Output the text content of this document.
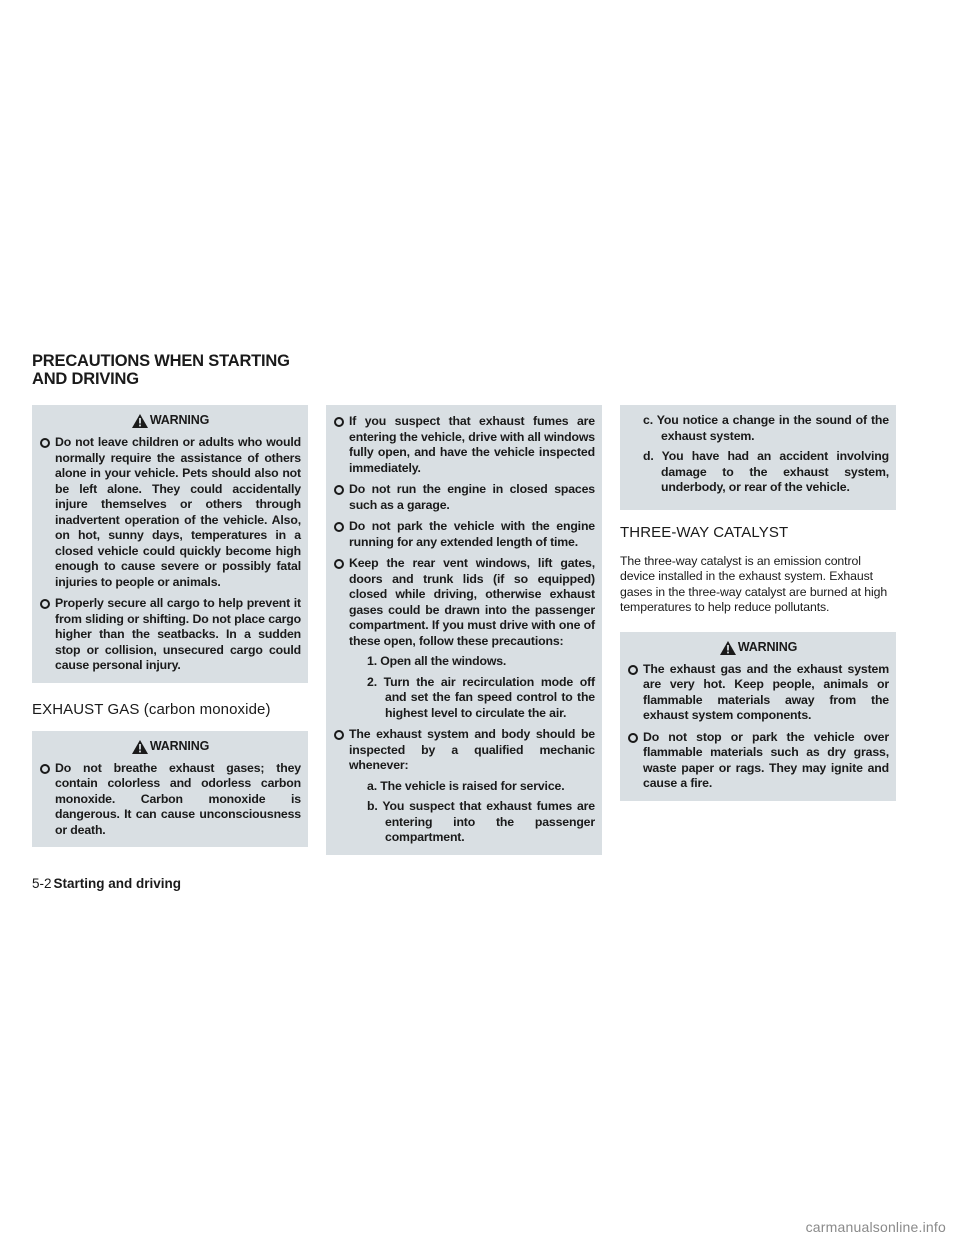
PRECAUTIONS WHEN STARTING
AND DRIVING
WARNING
Do not leave children or adults who would normally require the assistance of others alone in your vehicle. Pets should also not be left alone. They could accidentally injure themselves or others through inadvertent operation of the vehicle. Also, on hot, sunny days, temperatures in a closed vehicle could quickly become high enough to cause severe or possibly fatal injuries to people or animals.
Properly secure all cargo to help prevent it from sliding or shifting. Do not place cargo higher than the seatbacks. In a sudden stop or collision, unsecured cargo could cause personal injury.
EXHAUST GAS (carbon monoxide)
WARNING
Do not breathe exhaust gases; they contain colorless and odorless carbon monoxide. Carbon monoxide is dangerous. It can cause unconsciousness or death.
If you suspect that exhaust fumes are entering the vehicle, drive with all windows fully open, and have the vehicle inspected immediately.
Do not run the engine in closed spaces such as a garage.
Do not park the vehicle with the engine running for any extended length of time.
Keep the rear vent windows, lift gates, doors and trunk lids (if so equipped) closed while driving, otherwise exhaust gases could be drawn into the passenger compartment. If you must drive with one of these open, follow these precautions:
1. Open all the windows.
2. Turn the air recirculation mode off and set the fan speed control to the highest level to circulate the air.
The exhaust system and body should be inspected by a qualified mechanic whenever:
a. The vehicle is raised for service.
b. You suspect that exhaust fumes are entering into the passenger compartment.
c. You notice a change in the sound of the exhaust system.
d. You have had an accident involving damage to the exhaust system, underbody, or rear of the vehicle.
THREE-WAY CATALYST

The three-way catalyst is an emission control device installed in the exhaust system. Exhaust gases in the three-way catalyst are burned at high temperatures to help reduce pollutants.

WARNING
The exhaust gas and the exhaust system are very hot. Keep people, animals or flammable materials away from the exhaust system components.
Do not stop or park the vehicle over flammable materials such as dry grass, waste paper or rags. They may ignite and cause a fire.
5-2 Starting and driving
carmanualsonline.info
